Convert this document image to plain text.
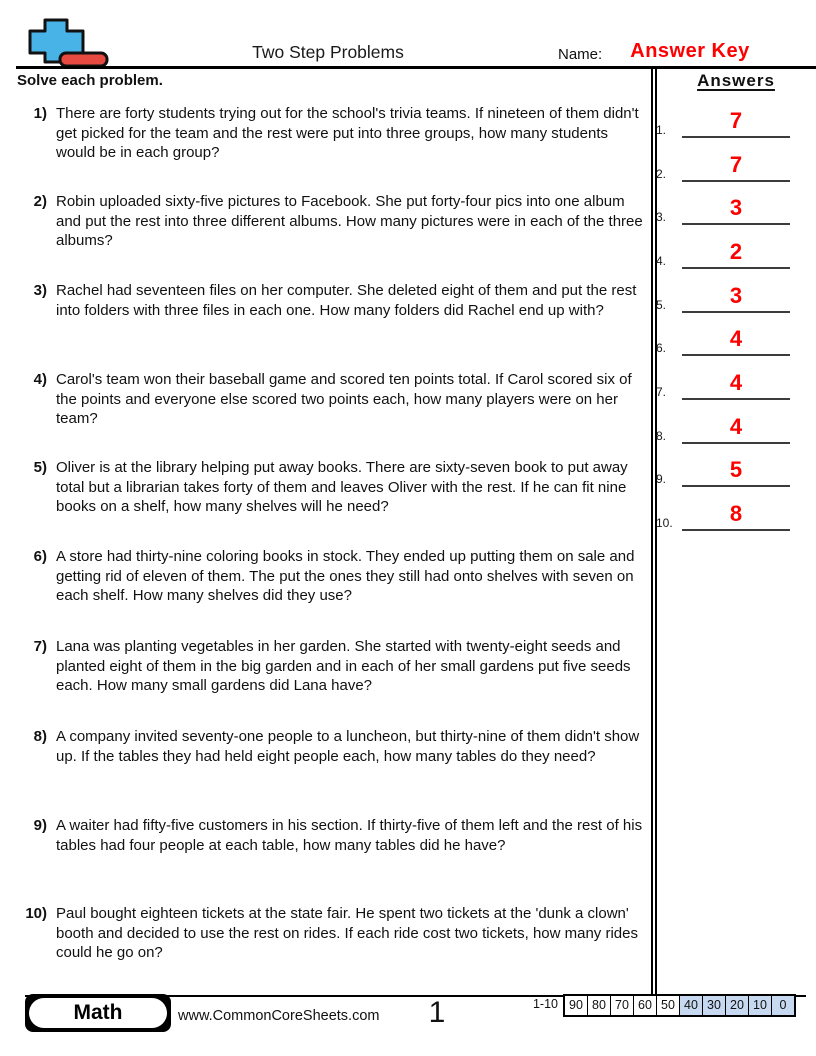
Two Step Problems	Name:	Answer Key
Solve each problem.
1) There are forty students trying out for the school's trivia teams. If nineteen of them didn't get picked for the team and the rest were put into three groups, how many students would be in each group?
2) Robin uploaded sixty-five pictures to Facebook. She put forty-four pics into one album and put the rest into three different albums. How many pictures were in each of the three albums?
3) Rachel had seventeen files on her computer. She deleted eight of them and put the rest into folders with three files in each one. How many folders did Rachel end up with?
4) Carol's team won their baseball game and scored ten points total. If Carol scored six of the points and everyone else scored two points each, how many players were on her team?
5) Oliver is at the library helping put away books. There are sixty-seven book to put away total but a librarian takes forty of them and leaves Oliver with the rest. If he can fit nine books on a shelf, how many shelves will he need?
6) A store had thirty-nine coloring books in stock. They ended up putting them on sale and getting rid of eleven of them. The put the ones they still had onto shelves with seven on each shelf. How many shelves did they use?
7) Lana was planting vegetables in her garden. She started with twenty-eight seeds and planted eight of them in the big garden and in each of her small gardens put five seeds each. How many small gardens did Lana have?
8) A company invited seventy-one people to a luncheon, but thirty-nine of them didn't show up. If the tables they had held eight people each, how many tables do they need?
9) A waiter had fifty-five customers in his section. If thirty-five of them left and the rest of his tables had four people at each table, how many tables did he have?
10) Paul bought eighteen tickets at the state fair. He spent two tickets at the 'dunk a clown' booth and decided to use the rest on rides. If each ride cost two tickets, how many rides could he go on?
Answers
1.	7
2.	7
3.	3
4.	2
5.	3
6.	4
7.	4
8.	4
9.	5
10.	8
Math	www.CommonCoreSheets.com	1	1-10 90 80 70 60 50 40 30 20 10	0
